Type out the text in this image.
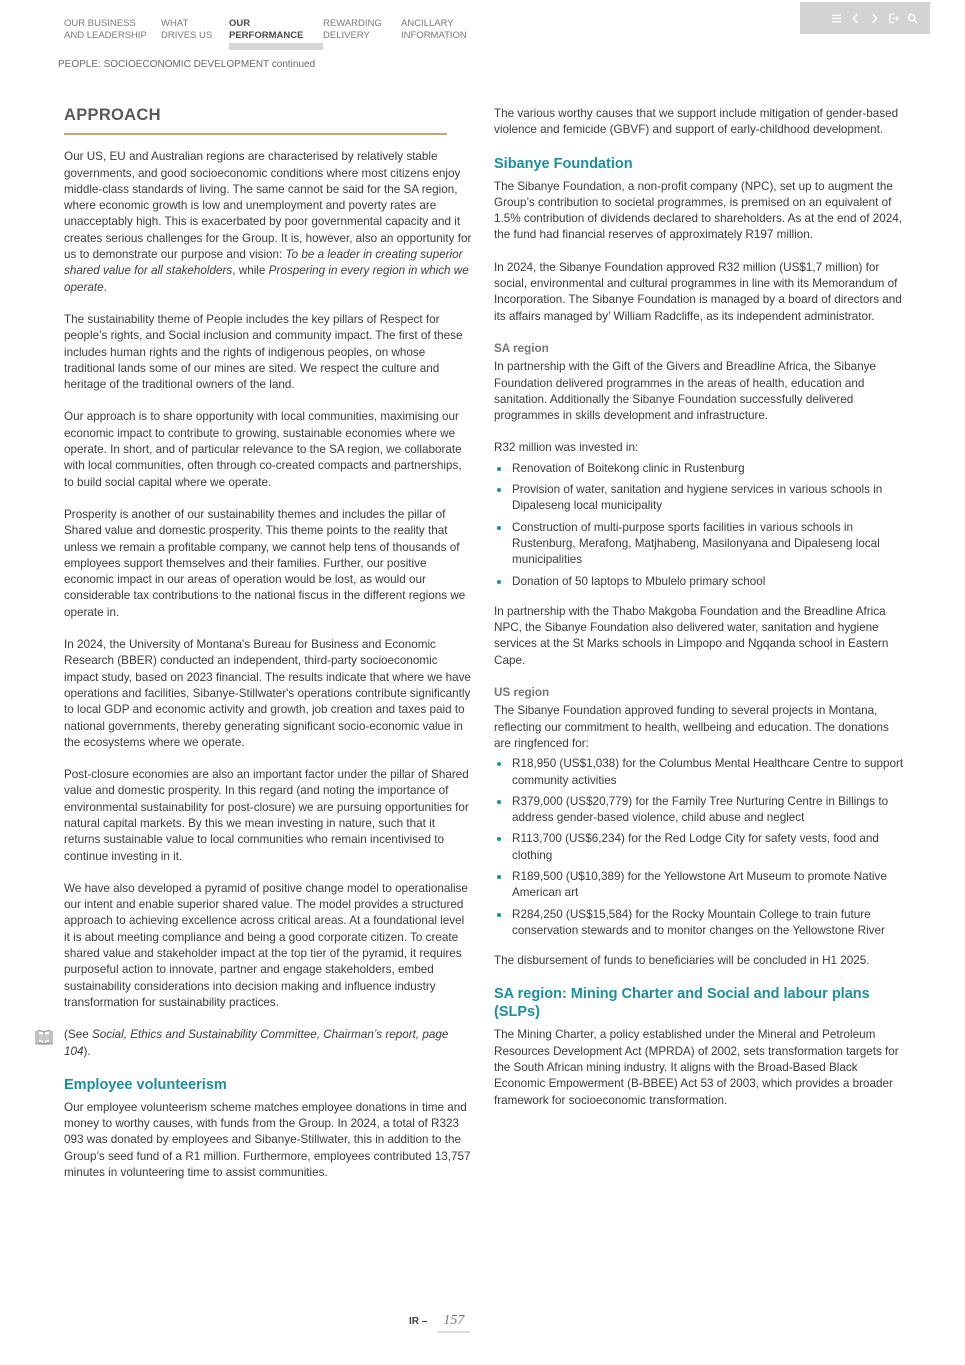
OUR BUSINESS
AND LEADERSHIP
WHAT
DRIVES US
OUR
PERFORMANCE
REWARDING
DELIVERY
ANCILLARY
INFORMATION
PEOPLE: SOCIOECONOMIC DEVELOPMENT continued
APPROACH

Our US, EU and Australian regions are characterised by relatively stable governments, and good socioeconomic conditions where most citizens enjoy middle-class standards of living. The same cannot be said for the SA region, where economic growth is low and unemployment and poverty rates are unacceptably high. This is exacerbated by poor governmental capacity and it creates serious challenges for the Group. It is, however, also an opportunity for us to demonstrate our purpose and vision: To be a leader in creating superior shared value for all stakeholders, while Prospering in every region in which we operate.

The sustainability theme of People includes the key pillars of Respect for people’s rights, and Social inclusion and community impact. The first of these includes human rights and the rights of indigenous peoples, on whose traditional lands some of our mines are sited. We respect the culture and heritage of the traditional owners of the land.

Our approach is to share opportunity with local communities, maximising our economic impact to contribute to growing, sustainable economies where we operate. In short, and of particular relevance to the SA region, we collaborate with local communities, often through co-created compacts and partnerships, to build social capital where we operate.

Prosperity is another of our sustainability themes and includes the pillar of Shared value and domestic prosperity. This theme points to the reality that unless we remain a profitable company, we cannot help tens of thousands of employees support themselves and their families. Further, our positive economic impact in our areas of operation would be lost, as would our considerable tax contributions to the national fiscus in the different regions we operate in.

In 2024, the University of Montana's Bureau for Business and Economic Research (BBER) conducted an independent, third-party socioeconomic impact study, based on 2023 financial. The results indicate that where we have operations and facilities, Sibanye-Stillwater's operations contribute significantly to local GDP and economic activity and growth, job creation and taxes paid to national governments, thereby generating significant socio-economic value in the ecosystems where we operate.

Post-closure economies are also an important factor under the pillar of Shared value and domestic prosperity. In this regard (and noting the importance of environmental sustainability for post-closure) we are pursuing opportunities for natural capital markets. By this we mean investing in nature, such that it returns sustainable value to local communities who remain incentivised to continue investing in it.

We have also developed a pyramid of positive change model to operationalise our intent and enable superior shared value. The model provides a structured approach to achieving excellence across critical areas. At a foundational level it is about meeting compliance and being a good corporate citizen. To create shared value and stakeholder impact at the top tier of the pyramid, it requires purposeful action to innovate, partner and engage stakeholders, embed sustainability considerations into decision making and influence industry transformation for sustainability practices.

(See Social, Ethics and Sustainability Committee, Chairman’s report, page 104).

Employee volunteerism

Our employee volunteerism scheme matches employee donations in time and money to worthy causes, with funds from the Group. In 2024, a total of R323 093 was donated by employees and Sibanye-Stillwater, this in addition to the Group’s seed fund of a R1 million. Furthermore, employees contributed 13,757 minutes in volunteering time to assist communities.

The various worthy causes that we support include mitigation of gender-based violence and femicide (GBVF) and support of early-childhood development.

Sibanye Foundation

The Sibanye Foundation, a non-profit company (NPC), set up to augment the Group’s contribution to societal programmes, is premised on an equivalent of 1.5% contribution of dividends declared to shareholders. As at the end of 2024, the fund had financial reserves of approximately R197 million.

In 2024, the Sibanye Foundation approved R32 million (US$1,7 million) for social, environmental and cultural programmes in line with its Memorandum of Incorporation. The Sibanye Foundation is managed by a board of directors and its affairs managed by’ William Radcliffe, as its independent administrator.

SA region

In partnership with the Gift of the Givers and Breadline Africa, the Sibanye Foundation delivered programmes in the areas of health, education and sanitation. Additionally the Sibanye Foundation successfully delivered programmes in skills development and infrastructure.

R32 million was invested in:

Renovation of Boitekong clinic in Rustenburg
Provision of water, sanitation and hygiene services in various schools in Dipaleseng local municipality
Construction of multi-purpose sports facilities in various schools in Rustenburg, Merafong, Matjhabeng, Masilonyana and Dipaleseng local municipalities
Donation of 50 laptops to Mbulelo primary school

In partnership with the Thabo Makgoba Foundation and the Breadline Africa NPC, the Sibanye Foundation also delivered water, sanitation and hygiene services at the St Marks schools in Limpopo and Ngqanda school in Eastern Cape.

US region

The Sibanye Foundation approved funding to several projects in Montana, reflecting our commitment to health, wellbeing and education. The donations are ringfenced for:

R18,950 (US$1,038) for the Columbus Mental Healthcare Centre to support community activities
R379,000 (US$20,779) for the Family Tree Nurturing Centre in Billings to address gender-based violence, child abuse and neglect
R113,700 (US$6,234) for the Red Lodge City for safety vests, food and clothing
R189,500 (U$10,389) for the Yellowstone Art Museum to promote Native American art
R284,250 (US$15,584) for the Rocky Mountain College to train future conservation stewards and to monitor changes on the Yellowstone River

The disbursement of funds to beneficiaries will be concluded in H1 2025.

SA region: Mining Charter and Social and labour plans (SLPs)

The Mining Charter, a policy established under the Mineral and Petroleum Resources Development Act (MPRDA) of 2002, sets transformation targets for the South African mining industry. It aligns with the Broad-Based Black Economic Empowerment (B-BBEE) Act 53 of 2003, which provides a broader framework for socioeconomic transformation.

IR –	157
